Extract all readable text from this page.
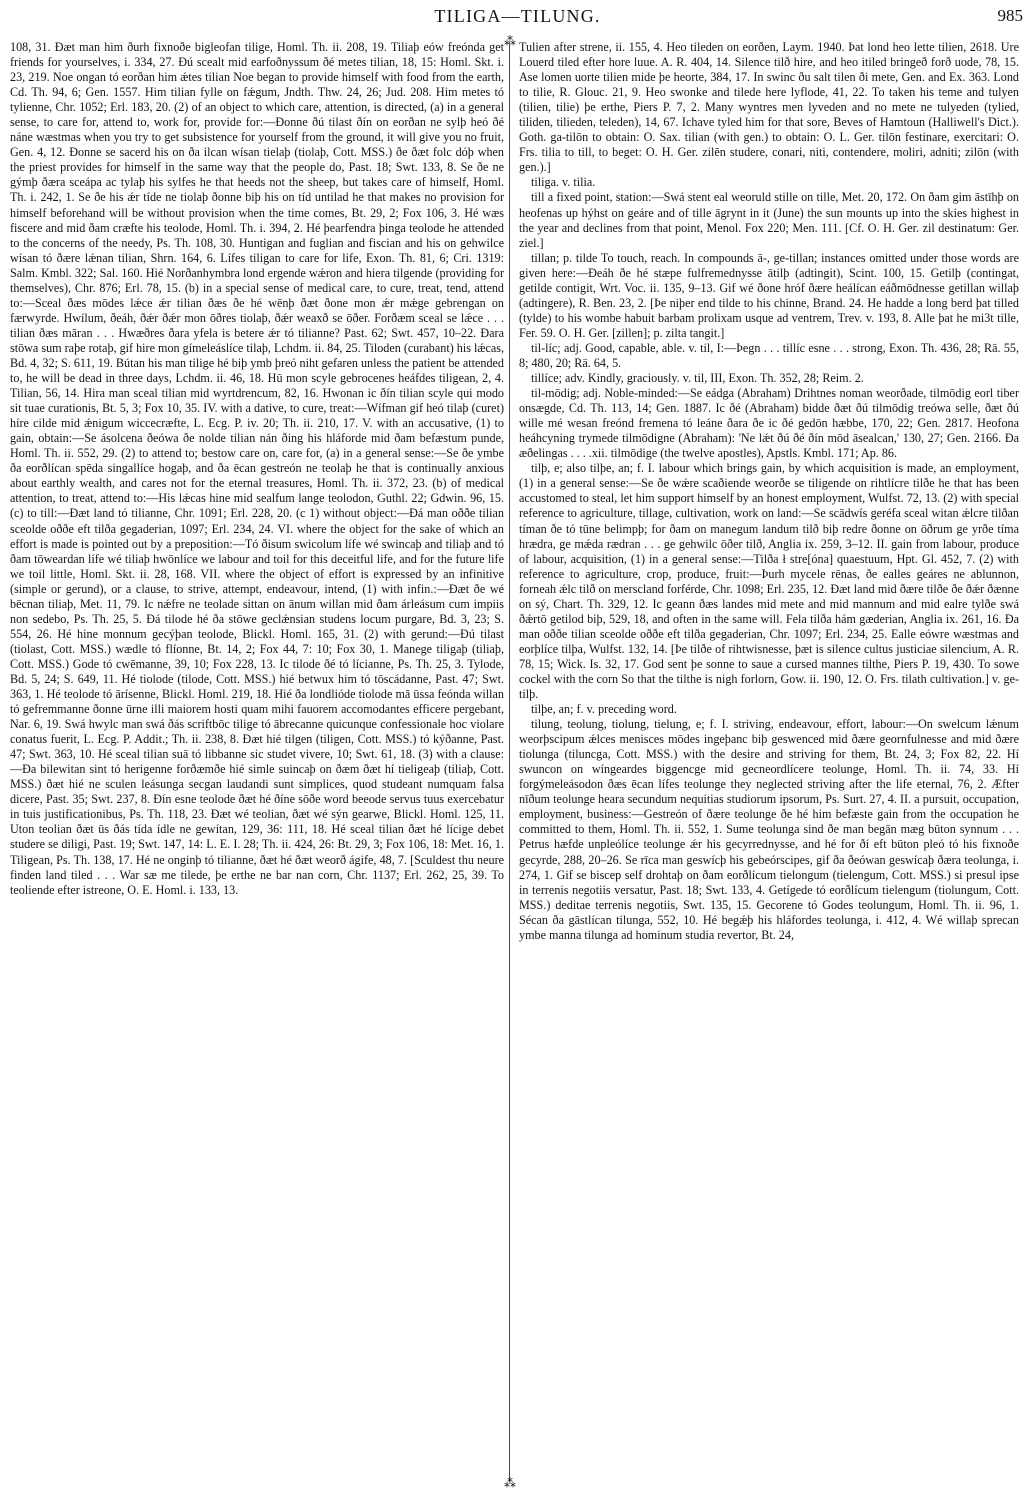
TILIGA—TILUNG.	985
⁂
⁂

108, 31. Ðæt man him ðurh fixnoðe bigleofan tilige, Homl. Th. ii. 208, 19. Tiliaþ eów freónda get friends for yourselves, i. 334, 27. Ðú scealt mid earfoðnyssum ðé metes tilian, 18, 15: Homl. Skt. i. 23, 219. Noe ongan tó eorðan him ǽtes tilian Noe began to provide himself with food from the earth, Cd. Th. 94, 6; Gen. 1557. Him tilian fylle on fǽgum, Jndth. Thw. 24, 26; Jud. 208. Him metes tó tylienne, Chr. 1052; Erl. 183, 20. (2) of an object to which care, attention, is directed, (a) in a general sense, to care for, attend to, work for, provide for:—Ðonne ðú tilast ðín on eorðan ne sylþ heó ðé náne wæstmas when you try to get subsistence for yourself from the ground, it will give you no fruit, Gen. 4, 12. Ðonne se sacerd his on ða ilcan wísan tielaþ (tiolaþ, Cott. MSS.) ðe ðæt folc dóþ when the priest provides for himself in the same way that the people do, Past. 18; Swt. 133, 8. Se ðe ne gýmþ ðæra sceápa ac tylaþ his sylfes he that heeds not the sheep, but takes care of himself, Homl. Th. i. 242, 1. Se ðe his ǽr tíde ne tiolaþ ðonne biþ his on tíd untilad he that makes no provision for himself beforehand will be without provision when the time comes, Bt. 29, 2; Fox 106, 3. Hé wæs fiscere and mid ðam cræfte his teolode, Homl. Th. i. 394, 2. Hé þearfendra þinga teolode he attended to the concerns of the needy, Ps. Th. 108, 30. Huntigan and fuglian and fiscian and his on gehwilce wísan tó ðære lǽnan tilian, Shrn. 164, 6. Lífes tiligan to care for life, Exon. Th. 81, 6; Cri. 1319: Salm. Kmbl. 322; Sal. 160. Hié Norðanhymbra lond ergende wǽron and hiera tilgende (providing for themselves), Chr. 876; Erl. 78, 15. (b) in a special sense of medical care, to cure, treat, tend, attend to:—Sceal ðæs mōdes lǽce ǽr tilian ðæs ðe hé wēnþ ðæt ðone mon ǽr mǽge gebrengan on færwyrde. Hwílum, ðeáh, ðǽr ðǽr mon ōðres tiolaþ, ðǽr weaxð se ōðer. Forðæm sceal se lǽce . . . tilian ðæs māran . . . Hwæðres ðara yfela is betere ǽr tó tilianne? Past. 62; Swt. 457, 10–22. Ðara stōwa sum raþe rotaþ, gif hire mon gímeleáslíce tilaþ, Lchdm. ii. 84, 25. Tiloden (curabant) his lǽcas, Bd. 4, 32; S. 611, 19. Bútan his man tilige hé biþ ymb þreó niht gefaren unless the patient be attended to, he will be dead in three days, Lchdm. ii. 46, 18. Hū mon scyle gebrocenes heáfdes tiligean, 2, 4. Tilian, 56, 14. Hira man sceal tilian mid wyrtdrencum, 82, 16. Hwonan ic ðín tilian scyle qui modo sit tuae curationis, Bt. 5, 3; Fox 10, 35. IV. with a dative, to cure, treat:—Wífman gif heó tilaþ (curet) híre cilde mid ǽnigum wiccecræfte, L. Ecg. P. iv. 20; Th. ii. 210, 17. V. with an accusative, (1) to gain, obtain:—Se ásolcena ðeówa ðe nolde tilian nán ðing his hláforde mid ðam befæstum punde, Homl. Th. ii. 552, 29. (2) to attend to; bestow care on, care for, (a) in a general sense:—Se ðe ymbe ða eorðlícan spēda singallíce hogaþ, and ða ēcan gestreón ne teolaþ he that is continually anxious about earthly wealth, and cares not for the eternal treasures, Homl. Th. ii. 372, 23. (b) of medical attention, to treat, attend to:—His lǽcas hine mid sealfum lange teolodon, Guthl. 22; Gdwin. 96, 15. (c) to till:—Ðæt land tó tilianne, Chr. 1091; Erl. 228, 20. (c 1) without object:—Ðá man oððe tilian sceolde oððe eft tilða gegaderian, 1097; Erl. 234, 24. VI. where the object for the sake of which an effort is made is pointed out by a preposition:—Tó ðisum swicolum lífe wé swincaþ and tiliaþ and tó ðam tōweardan lífe wé tiliaþ hwōnlíce we labour and toil for this deceitful life, and for the future life we toil little, Homl. Skt. ii. 28, 168. VII. where the object of effort is expressed by an infinitive (simple or gerund), or a clause, to strive, attempt, endeavour, intend, (1) with infin.:—Ðæt ðe wé bēcnan tiliaþ, Met. 11, 79. Ic nǽfre ne teolade sittan on ānum willan mid ðam árleásum cum impiis non sedebo, Ps. Th. 25, 5. Ðá tilode hé ða stōwe geclǽnsian studens locum purgare, Bd. 3, 23; S. 554, 26. Hé hine monnum gecýþan teolode, Blickl. Homl. 165, 31. (2) with gerund:—Ðú tilast (tiolast, Cott. MSS.) wædle tó flíonne, Bt. 14, 2; Fox 44, 7: 10; Fox 30, 1. Manege tiligaþ (tiliaþ, Cott. MSS.) Gode tó cwēmanne, 39, 10; Fox 228, 13. Ic tilode ðé tó lícianne, Ps. Th. 25, 3. Tylode, Bd. 5, 24; S. 649, 11. Hé tiolode (tilode, Cott. MSS.) hié betwux him tó tōscádanne, Past. 47; Swt. 363, 1. Hé teolode tó ārísenne, Blickl. Homl. 219, 18. Hié ða londlióde tiolode mā ūssa feónda willan tó gefremmanne ðonne ūrne illi maiorem hosti quam mihi fauorem accomodantes efficere pergebant, Nar. 6, 19. Swá hwylc man swá ðás scriftbōc tilige tó ābrecanne quicunque confessionale hoc violare conatus fuerit, L. Ecg. P. Addit.; Th. ii. 238, 8. Ðæt hié tilgen (tiligen, Cott. MSS.) tó kýðanne, Past. 47; Swt. 363, 10. Hé sceal tilian suā tó libbanne sic studet vivere, 10; Swt. 61, 18. (3) with a clause:—Ða bilewitan sint tó herigenne forðæmðe hié simle suincaþ on ðæm ðæt hí tieligeaþ (tiliaþ, Cott. MSS.) ðæt hié ne sculen leásunga secgan laudandi sunt simplices, quod studeant numquam falsa dicere, Past. 35; Swt. 237, 8. Ðín esne teolode ðæt hé ðíne sōðe word beeode servus tuus exercebatur in tuis justificationibus, Ps. Th. 118, 23. Ðæt wé teolian, ðæt wé sýn gearwe, Blickl. Homl. 125, 11. Uton teolian ðæt ūs ðás tída ídle ne gewítan, 129, 36: 111, 18. Hé sceal tilian ðæt hé lícige debet studere se diligi, Past. 19; Swt. 147, 14: L. E. I. 28; Th. ii. 424, 26: Bt. 29, 3; Fox 106, 18: Met. 16, 1. Tiligean, Ps. Th. 138, 17. Hé ne onginþ tó tilianne, ðæt hé ðæt weorð ágife, 48, 7. [Sculdest thu neure finden land tiled . . . War sæ me tilede, þe erthe ne bar nan corn, Chr. 1137; Erl. 262, 25, 39. To teoliende efter istreone, O. E. Homl. i. 133, 13.

Tulien after strene, ii. 155, 4. Heo tileden on eorðen, Laym. 1940. Þat lond heo lette tilien, 2618. Ure Louerd tiled efter hore luue. A. R. 404, 14. Silence tilð hire, and heo itiled bringeð forð uode, 78, 15. Ase lomen uorte tilien mide þe heorte, 384, 17. In swinc ðu salt tilen ði mete, Gen. and Ex. 363. Lond to tilie, R. Glouc. 21, 9. Heo swonke and tilede here lyflode, 41, 22. To taken his teme and tulyen (tilien, tilie) þe erthe, Piers P. 7, 2. Many wyntres men lyveden and no mete ne tulyeden (tylied, tiliden, tilieden, teleden), 14, 67. Ichave tyled him for that sore, Beves of Hamtoun (Halliwell's Dict.). Goth. ga-tilōn to obtain: O. Sax. tilian (with gen.) to obtain: O. L. Ger. tilōn festinare, exercitari: O. Frs. tilia to till, to beget: O. H. Ger. zilēn studere, conari, niti, contendere, moliri, adniti; zilōn (with gen.).]

tiliga. v. tilia.

till a fixed point, station:—Swá stent eal weoruld stille on tille, Met. 20, 172. On ðam gim āstīhþ on heofenas up hýhst on geáre and of tille āgrynt in it (June) the sun mounts up into the skies highest in the year and declines from that point, Menol. Fox 220; Men. 111. [Cf. O. H. Ger. zil destinatum: Ger. ziel.]

tillan; p. tilde To touch, reach. In compounds ā-, ge-tillan; instances omitted under those words are given here:—Ðeáh ðe hé stæpe fulfremednysse ātilþ (adtingit), Scint. 100, 15. Getilþ (contingat, getilde contigit, Wrt. Voc. ii. 135, 9–13. Gif wé ðone hróf ðære heálícan eáðmōdnesse getillan willaþ (adtingere), R. Ben. 23, 2. [Þe niþer end tilde to his chinne, Brand. 24. He hadde a long berd þat tilled (tylde) to his wombe habuit barbam prolixam usque ad ventrem, Trev. v. 193, 8. Alle þat he mi3t tille, Fer. 59. O. H. Ger. [zillen]; p. zilta tangit.]

til-líc; adj. Good, capable, able. v. til, I:—Þegn . . . tillíc esne . . . strong, Exon. Th. 436, 28; Rä. 55, 8; 480, 20; Rä. 64, 5.

tillíce; adv. Kindly, graciously. v. til, III, Exon. Th. 352, 28; Reim. 2.

til-mōdig; adj. Noble-minded:—Se eádga (Abraham) Drihtnes noman weorðade, tilmōdig eorl tiber onsægde, Cd. Th. 113, 14; Gen. 1887. Ic ðé (Abraham) bidde ðæt ðú tilmōdig treówa selle, ðæt ðú wille mé wesan freónd fremena tó leáne ðara ðe ic ðé gedōn hæbbe, 170, 22; Gen. 2817. Heofona heáhcyning trymede tilmōdigne (Abraham): 'Ne lǽt ðú ðé ðín mōd āsealcan,' 130, 27; Gen. 2166. Ða æðelingas . . . .xii. tilmōdige (the twelve apostles), Apstls. Kmbl. 171; Ap. 86.

tilþ, e; also tilþe, an; f. I. labour which brings gain, by which acquisition is made, an employment, (1) in a general sense:—Se ðe wǽre scaðiende weorðe se tiligende on rihtlícre tilðe he that has been accustomed to steal, let him support himself by an honest employment, Wulfst. 72, 13. (2) with special reference to agriculture, tillage, cultivation, work on land:—Se scādwís geréfa sceal witan ǽlcre tilðan tíman ðe tó tūne belimpþ; for ðam on manegum landum tilð biþ redre ðonne on ōðrum ge yrðe tíma hrædra, ge mǽda rædran . . . ge gehwilc ōðer tilð, Anglia ix. 259, 3–12. II. gain from labour, produce of labour, acquisition, (1) in a general sense:—Tilða ł stre[óna] quaestuum, Hpt. Gl. 452, 7. (2) with reference to agriculture, crop, produce, fruit:—Þurh mycele rēnas, ðe ealles geáres ne ablunnon, forneah ǽlc tilð on merscland forférde, Chr. 1098; Erl. 235, 12. Ðæt land mid ðære tilðe ðe ðǽr ðænne on sý, Chart. Th. 329, 12. Ic geann ðæs landes mid mete and mid mannum and mid ealre tylðe swá ðǽrtō getilod biþ, 529, 18, and often in the same will. Fela tilða hám gæderian, Anglia ix. 261, 16. Ða man oððe tilian sceolde oððe eft tilða gegaderian, Chr. 1097; Erl. 234, 25. Ealle eówre wæstmas and eorþlíce tilþa, Wulfst. 132, 14. [Þe tilðe of rihtwisnesse, þæt is silence cultus justiciae silencium, A. R. 78, 15; Wick. Is. 32, 17. God sent þe sonne to saue a cursed mannes tilthe, Piers P. 19, 430. To sowe cockel with the corn So that the tilthe is nigh forlorn, Gow. ii. 190, 12. O. Frs. tilath cultivation.] v. ge-tilþ.

tilþe, an; f. v. preceding word.

tilung, teolung, tiolung, tielung, e; f. I. striving, endeavour, effort, labour:—On swelcum lǽnum weorþscipum ǽlces menisces mōdes ingeþanc biþ geswenced mid ðære geornfulnesse and mid ðære tiolunga (tiluncga, Cott. MSS.) with the desire and striving for them, Bt. 24, 3; Fox 82, 22. Hí swuncon on wíngeardes biggencge mid gecneordlícere teolunge, Homl. Th. ii. 74, 33. Hí forgýmeleásodon ðæs ēcan lífes teolunge they neglected striving after the life eternal, 76, 2. Æfter nīðum teolunge heara secundum nequitias studiorum ipsorum, Ps. Surt. 27, 4. II. a pursuit, occupation, employment, business:—Gestreón of ðære teolunge ðe hé him befæste gain from the occupation he committed to them, Homl. Th. ii. 552, 1. Sume teolunga sind ðe man begān mæg būton synnum . . . Petrus hæfde unpleólíce teolunge ǽr his gecyrrednysse, and hé for ðí eft būton pleó tó his fixnoðe gecyrde, 288, 20–26. Se rīca man geswícþ his gebeórscipes, gif ða ðeówan geswícaþ ðæra teolunga, i. 274, 1. Gif se biscep self drohtaþ on ðam eorðlícum tielongum (tielengum, Cott. MSS.) si presul ipse in terrenis negotiis versatur, Past. 18; Swt. 133, 4. Getígede tó eorðlícum tielengum (tiolungum, Cott. MSS.) deditae terrenis negotiis, Swt. 135, 15. Gecorene tó Godes teolungum, Homl. Th. ii. 96, 1. Sécan ða gāstlícan tilunga, 552, 10. Hé begǽþ his hláfordes teolunga, i. 412, 4. Wé willaþ sprecan ymbe manna tilunga ad hominum studia revertor, Bt. 24,
